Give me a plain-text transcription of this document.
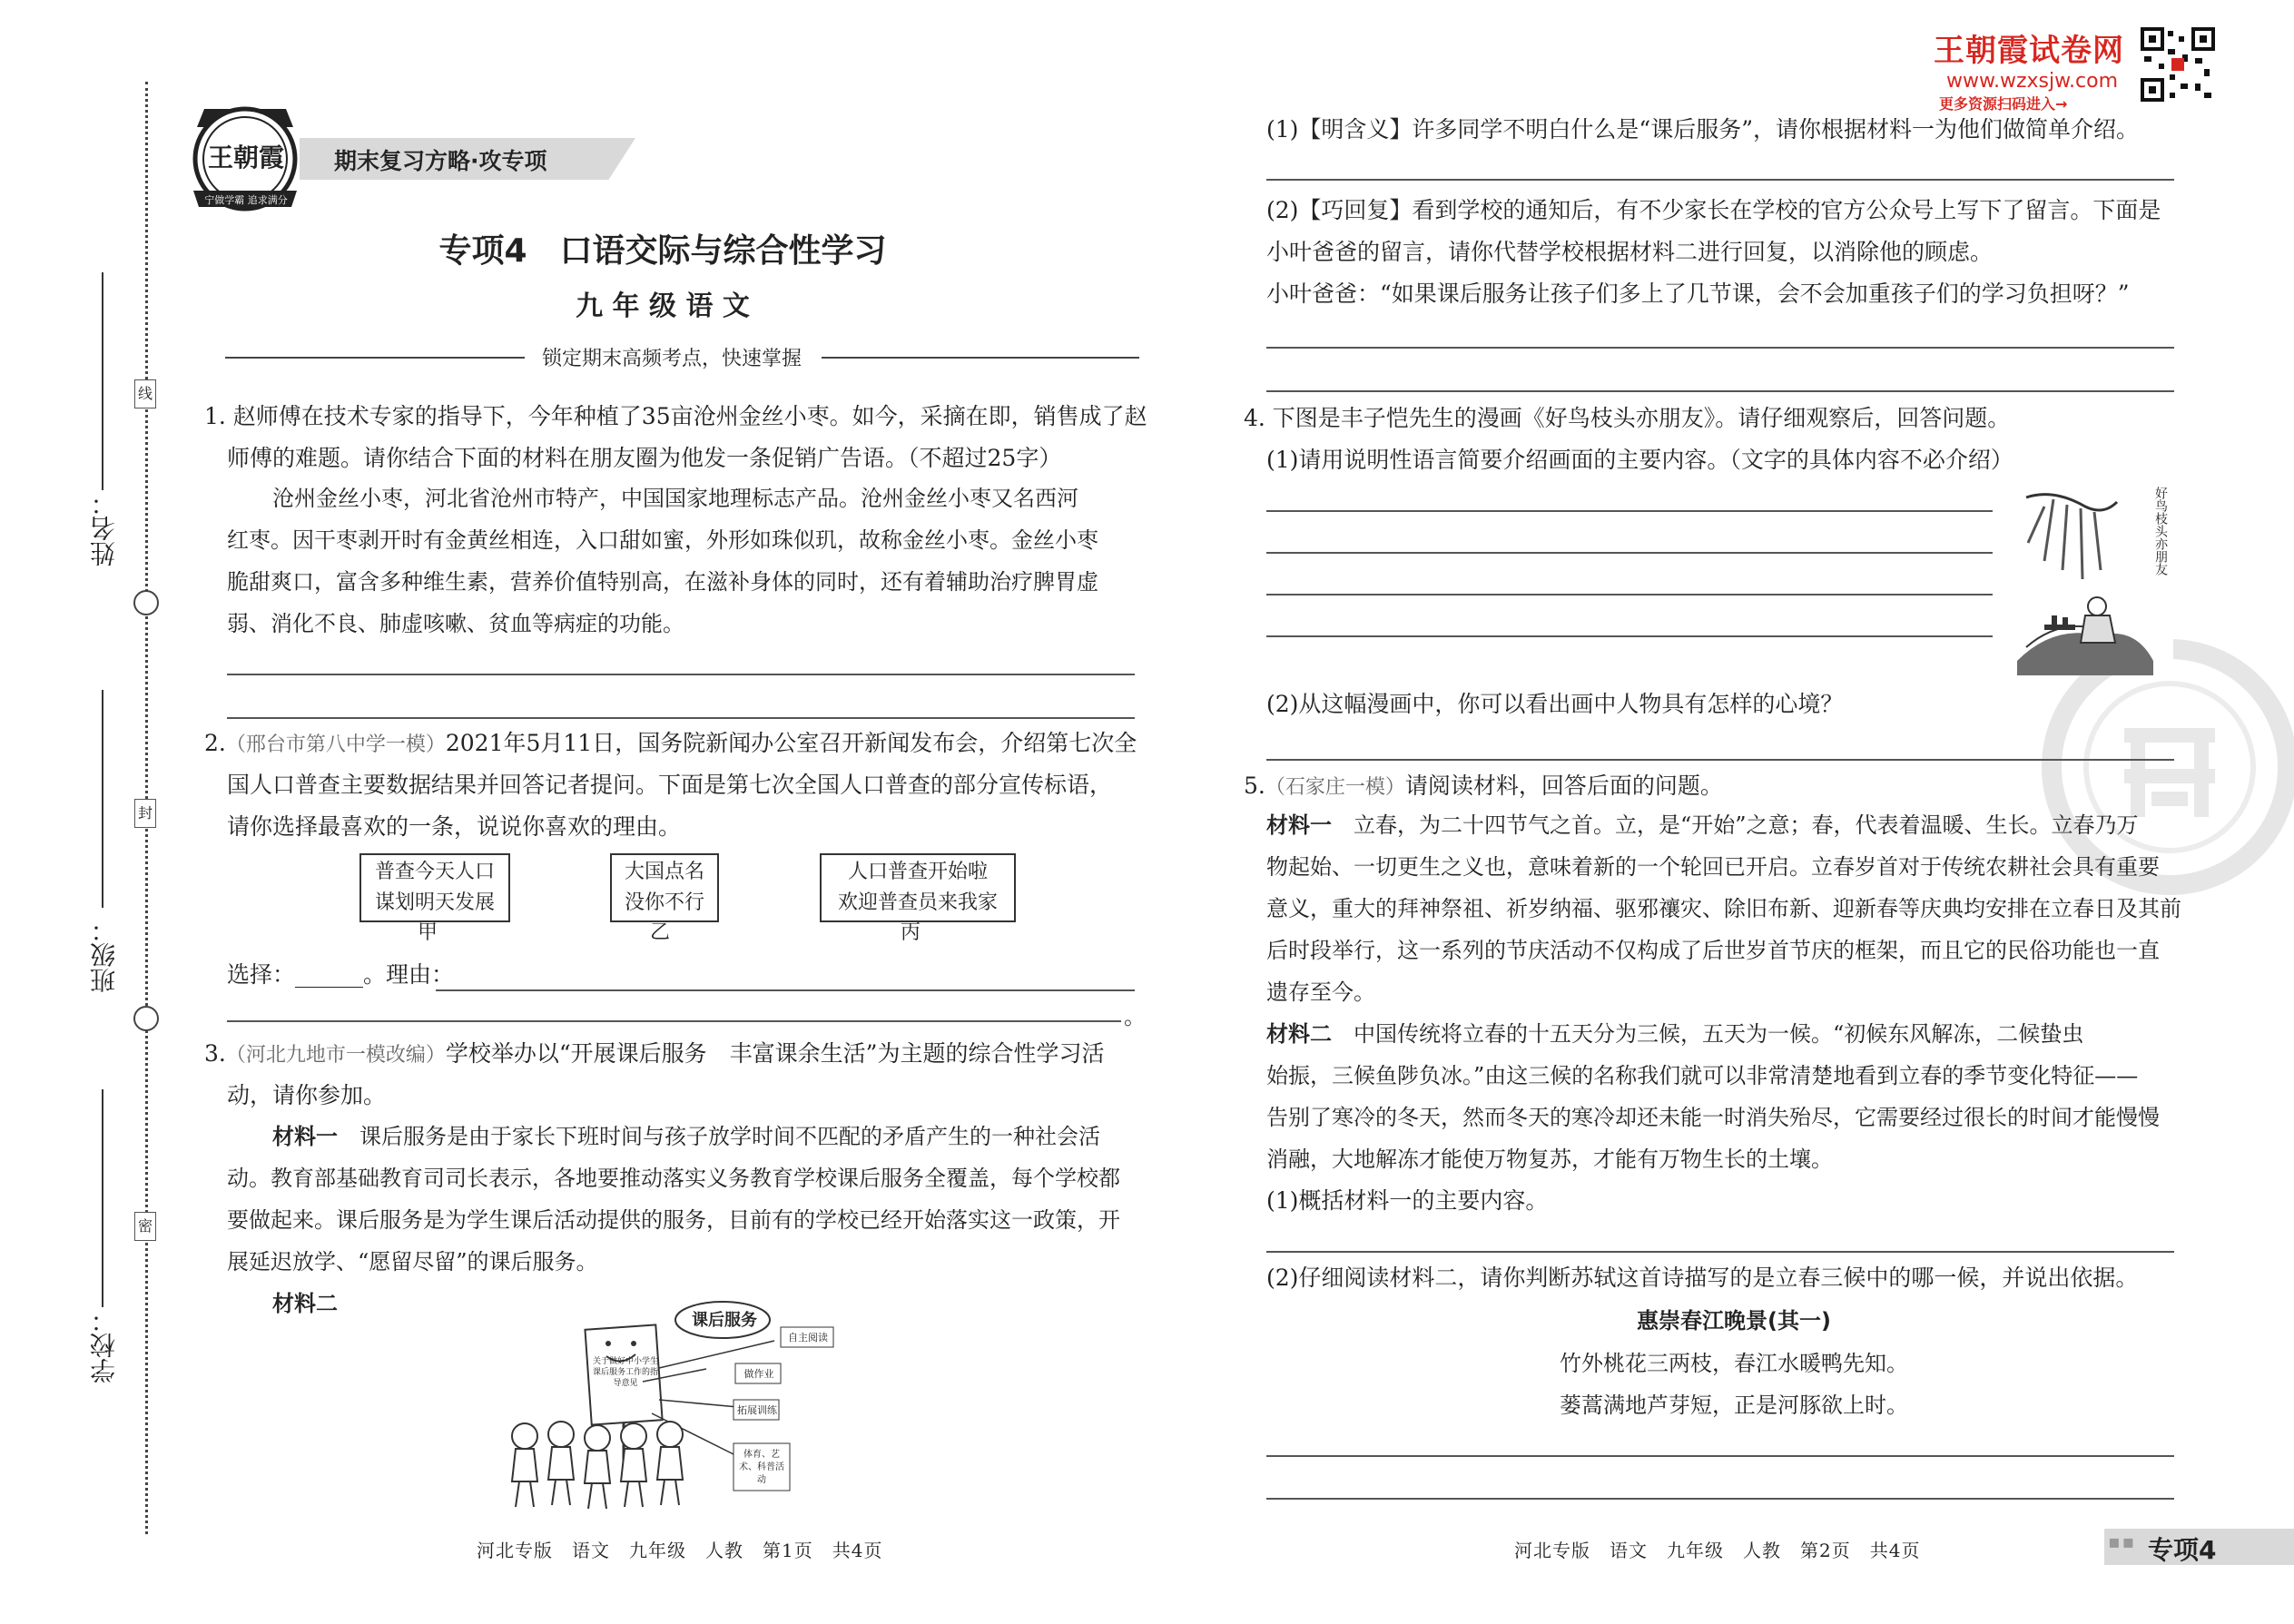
线
封
密
姓名：
班级：
学校：
王朝霞
宁做学霸 追求满分
期末复习方略·攻专项
专项4　口语交际与综合性学习
九 年 级 语 文
锁定期末高频考点，快速掌握
1. 赵师傅在技术专家的指导下，今年种植了35亩沧州金丝小枣。如今，采摘在即，销售成了赵
师傅的难题。请你结合下面的材料在朋友圈为他发一条促销广告语。（不超过25字）
沧州金丝小枣，河北省沧州市特产，中国国家地理标志产品。沧州金丝小枣又名西河
红枣。因干枣剥开时有金黄丝相连，入口甜如蜜，外形如珠似玑，故称金丝小枣。金丝小枣
脆甜爽口，富含多种维生素，营养价值特别高，在滋补身体的同时，还有着辅助治疗脾胃虚
弱、消化不良、肺虚咳嗽、贫血等病症的功能。
2.（邢台市第八中学一模）2021年5月11日，国务院新闻办公室召开新闻发布会，介绍第七次全
国人口普查主要数据结果并回答记者提问。下面是第七次全国人口普查的部分宣传标语，
请你选择最喜欢的一条，说说你喜欢的理由。
普查今天人口
谋划明天发展
甲
大国点名
没你不行
乙
人口普查开始啦
欢迎普查员来我家
丙
选择：______。理由：
。
3.（河北九地市一模改编）学校举办以“开展课后服务　丰富课余生活”为主题的综合性学习活
动，请你参加。
材料一　课后服务是由于家长下班时间与孩子放学时间不匹配的矛盾产生的一种社会活
动。教育部基础教育司司长表示，各地要推动落实义务教育学校课后服务全覆盖，每个学校都
要做起来。课后服务是为学生课后活动提供的服务，目前有的学校已经开始落实这一政策，开
展延迟放学、“愿留尽留”的课后服务。
材料二
课后服务
关于做好中小学生课后服务工作的指导意见
自主阅读
做作业
拓展训练
体育、艺术、科普活动
河北专版　语文　九年级　人教　第1页　共4页
王朝霞试卷网
www.wzxsjw.com
更多资源扫码进入→
(1)【明含义】许多同学不明白什么是“课后服务”，请你根据材料一为他们做简单介绍。
(2)【巧回复】看到学校的通知后，有不少家长在学校的官方公众号上写下了留言。下面是
小叶爸爸的留言，请你代替学校根据材料二进行回复，以消除他的顾虑。
小叶爸爸：“如果课后服务让孩子们多上了几节课，会不会加重孩子们的学习负担呀？”
4. 下图是丰子恺先生的漫画《好鸟枝头亦朋友》。请仔细观察后，回答问题。
(1)请用说明性语言简要介绍画面的主要内容。（文字的具体内容不必介绍）
好鸟枝头亦朋友
(2)从这幅漫画中，你可以看出画中人物具有怎样的心境？
5.（石家庄一模）请阅读材料，回答后面的问题。
材料一　立春，为二十四节气之首。立，是“开始”之意；春，代表着温暖、生长。立春乃万
物起始、一切更生之义也，意味着新的一个轮回已开启。立春岁首对于传统农耕社会具有重要
意义，重大的拜神祭祖、祈岁纳福、驱邪禳灾、除旧布新、迎新春等庆典均安排在立春日及其前
后时段举行，这一系列的节庆活动不仅构成了后世岁首节庆的框架，而且它的民俗功能也一直
遗存至今。
材料二　中国传统将立春的十五天分为三候，五天为一候。“初候东风解冻，二候蛰虫
始振，三候鱼陟负冰。”由这三候的名称我们就可以非常清楚地看到立春的季节变化特征——
告别了寒冷的冬天，然而冬天的寒冷却还未能一时消失殆尽，它需要经过很长的时间才能慢慢
消融，大地解冻才能使万物复苏，才能有万物生长的土壤。
(1)概括材料一的主要内容。
(2)仔细阅读材料二，请你判断苏轼这首诗描写的是立春三候中的哪一候，并说出依据。
惠崇春江晚景(其一)
竹外桃花三两枝，春江水暖鸭先知。
蒌蒿满地芦芽短，正是河豚欲上时。
河北专版　语文　九年级　人教　第2页　共4页	▪▪ 专项4
